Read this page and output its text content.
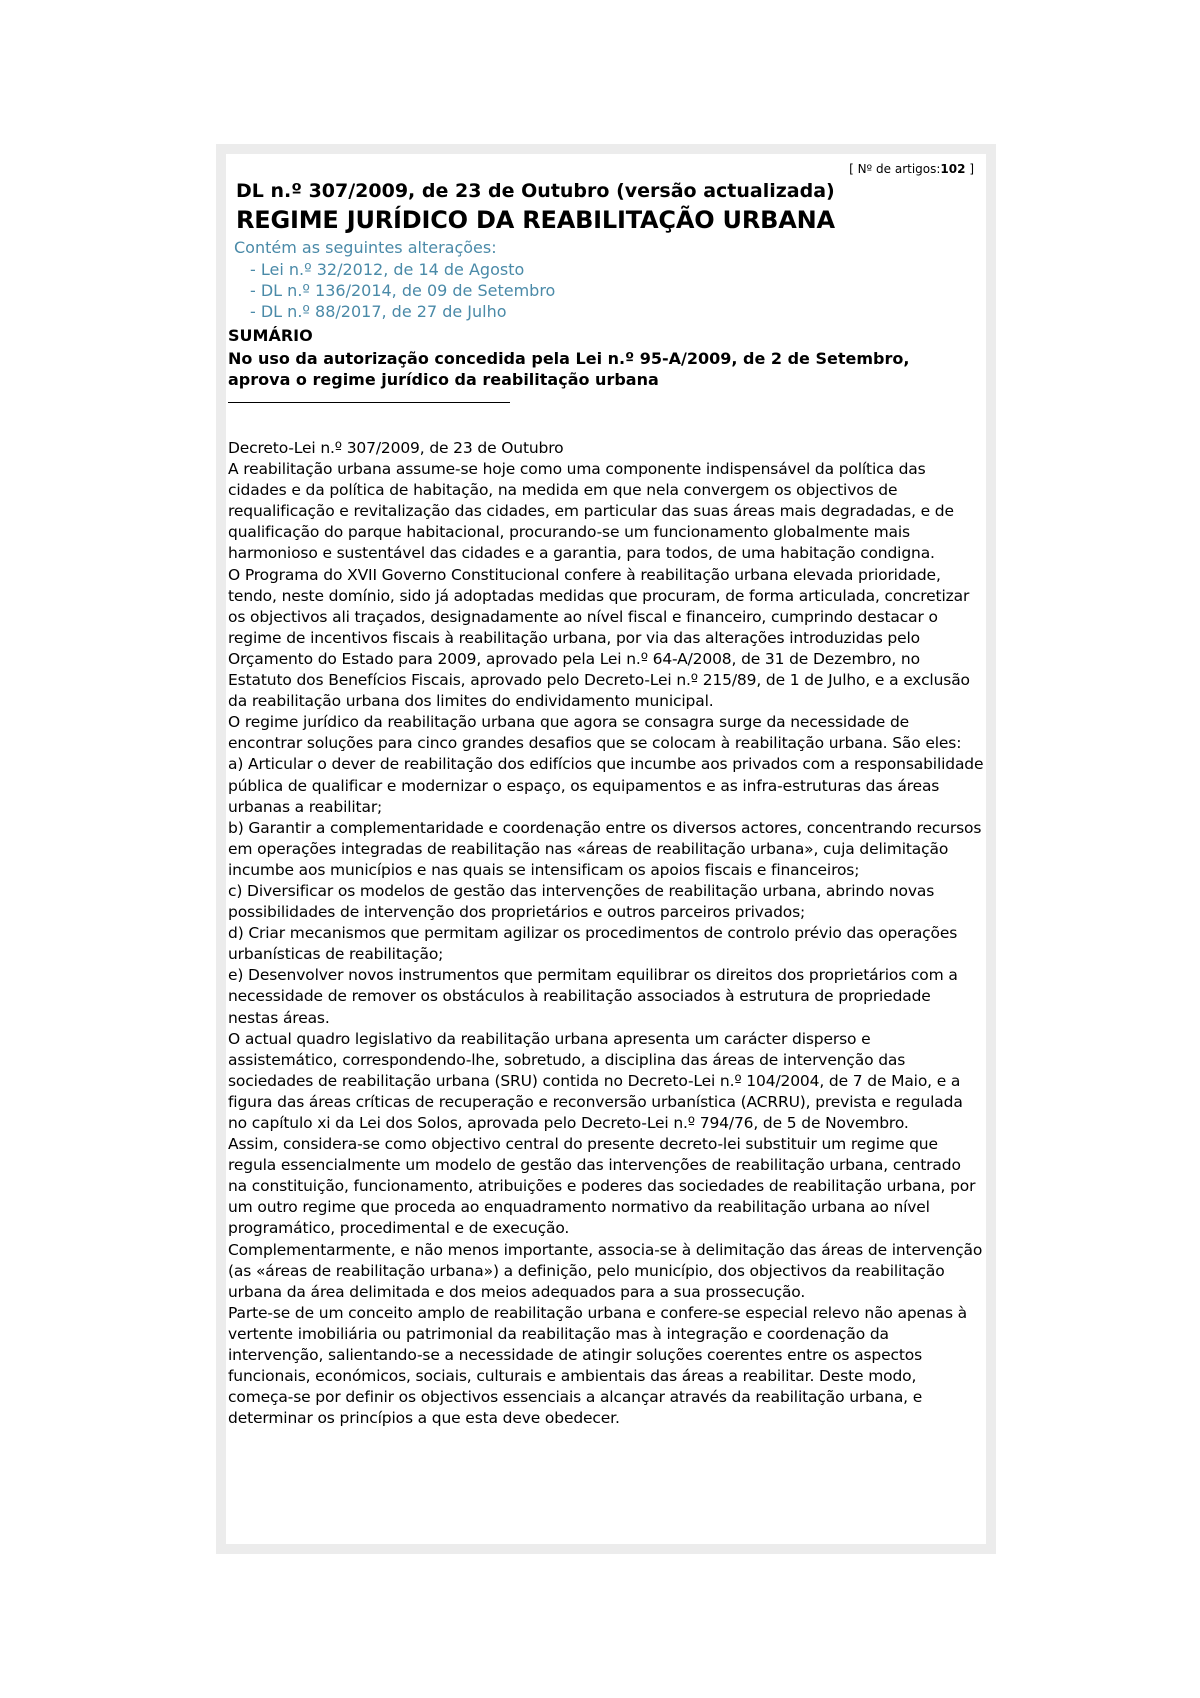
[ Nº de artigos:102 ]
DL n.º 307/2009, de 23 de Outubro (versão actualizada)
REGIME JURÍDICO DA REABILITAÇÃO URBANA
Contém as seguintes alterações:
- Lei n.º 32/2012, de 14 de Agosto
- DL n.º 136/2014, de 09 de Setembro
- DL n.º 88/2017, de 27 de Julho
SUMÁRIO
No uso da autorização concedida pela Lei n.º 95-A/2009, de 2 de Setembro, aprova o regime jurídico da reabilitação urbana

Decreto-Lei n.º 307/2009, de 23 de Outubro

A reabilitação urbana assume-se hoje como uma componente indispensável da política das cidades e da política de habitação, na medida em que nela convergem os objectivos de requalificação e revitalização das cidades, em particular das suas áreas mais degradadas, e de qualificação do parque habitacional, procurando-se um funcionamento globalmente mais harmonioso e sustentável das cidades e a garantia, para todos, de uma habitação condigna.

O Programa do XVII Governo Constitucional confere à reabilitação urbana elevada prioridade, tendo, neste domínio, sido já adoptadas medidas que procuram, de forma articulada, concretizar os objectivos ali traçados, designadamente ao nível fiscal e financeiro, cumprindo destacar o regime de incentivos fiscais à reabilitação urbana, por via das alterações introduzidas pelo Orçamento do Estado para 2009, aprovado pela Lei n.º 64-A/2008, de 31 de Dezembro, no Estatuto dos Benefícios Fiscais, aprovado pelo Decreto-Lei n.º 215/89, de 1 de Julho, e a exclusão da reabilitação urbana dos limites do endividamento municipal.

O regime jurídico da reabilitação urbana que agora se consagra surge da necessidade de encontrar soluções para cinco grandes desafios que se colocam à reabilitação urbana. São eles:

a) Articular o dever de reabilitação dos edifícios que incumbe aos privados com a responsabilidade pública de qualificar e modernizar o espaço, os equipamentos e as infra-estruturas das áreas urbanas a reabilitar;

b) Garantir a complementaridade e coordenação entre os diversos actores, concentrando recursos em operações integradas de reabilitação nas «áreas de reabilitação urbana», cuja delimitação incumbe aos municípios e nas quais se intensificam os apoios fiscais e financeiros;

c) Diversificar os modelos de gestão das intervenções de reabilitação urbana, abrindo novas possibilidades de intervenção dos proprietários e outros parceiros privados;

d) Criar mecanismos que permitam agilizar os procedimentos de controlo prévio das operações urbanísticas de reabilitação;

e) Desenvolver novos instrumentos que permitam equilibrar os direitos dos proprietários com a necessidade de remover os obstáculos à reabilitação associados à estrutura de propriedade nestas áreas.

O actual quadro legislativo da reabilitação urbana apresenta um carácter disperso e assistemático, correspondendo-lhe, sobretudo, a disciplina das áreas de intervenção das sociedades de reabilitação urbana (SRU) contida no Decreto-Lei n.º 104/2004, de 7 de Maio, e a figura das áreas críticas de recuperação e reconversão urbanística (ACRRU), prevista e regulada no capítulo xi da Lei dos Solos, aprovada pelo Decreto-Lei n.º 794/76, de 5 de Novembro.

Assim, considera-se como objectivo central do presente decreto-lei substituir um regime que regula essencialmente um modelo de gestão das intervenções de reabilitação urbana, centrado na constituição, funcionamento, atribuições e poderes das sociedades de reabilitação urbana, por um outro regime que proceda ao enquadramento normativo da reabilitação urbana ao nível programático, procedimental e de execução.

Complementarmente, e não menos importante, associa-se à delimitação das áreas de intervenção (as «áreas de reabilitação urbana») a definição, pelo município, dos objectivos da reabilitação urbana da área delimitada e dos meios adequados para a sua prossecução.

Parte-se de um conceito amplo de reabilitação urbana e confere-se especial relevo não apenas à vertente imobiliária ou patrimonial da reabilitação mas à integração e coordenação da intervenção, salientando-se a necessidade de atingir soluções coerentes entre os aspectos funcionais, económicos, sociais, culturais e ambientais das áreas a reabilitar. Deste modo, começa-se por definir os objectivos essenciais a alcançar através da reabilitação urbana, e determinar os princípios a que esta deve obedecer.
